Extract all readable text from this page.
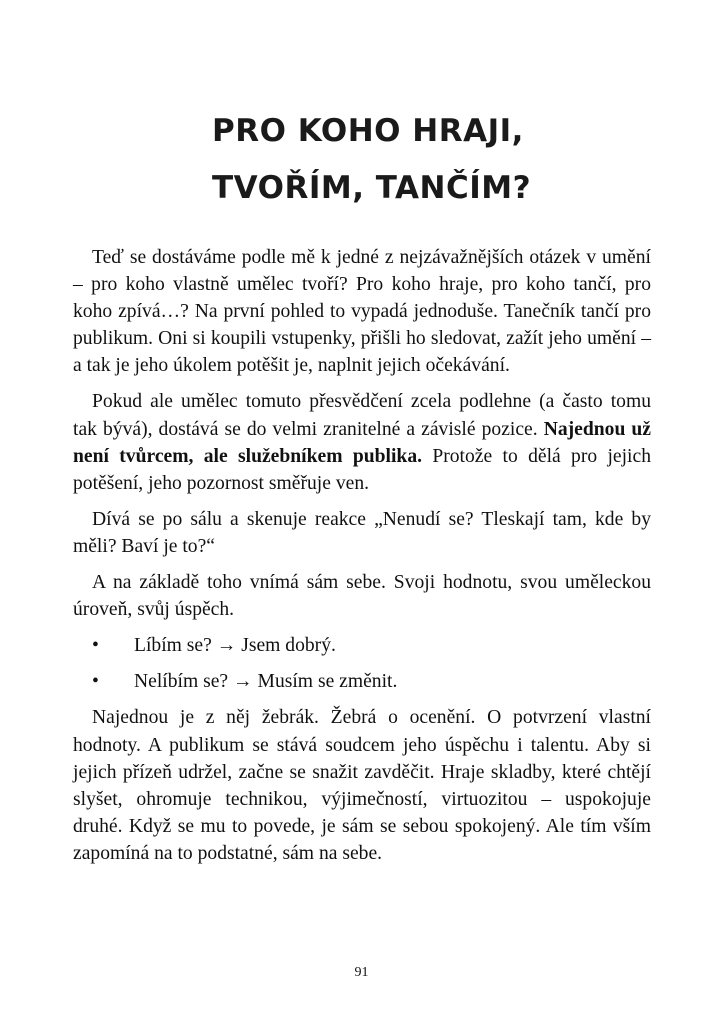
PRO KOHO HRAJI,
TVOŘÍM, TANČÍM?

Teď se dostáváme podle mě k jedné z nejzávažnějších otázek v umění – pro koho vlastně umělec tvoří? Pro koho hraje, pro koho tančí, pro koho zpívá…? Na první pohled to vypadá jednoduše. Tanečník tančí pro publikum. Oni si koupili vstupenky, přišli ho sledovat, zažít jeho umění – a tak je jeho úkolem potěšit je, naplnit jejich očekávání.

Pokud ale umělec tomuto přesvědčení zcela podlehne (a často tomu tak bývá), dostává se do velmi zranitelné a závislé pozice. Najednou už není tvůrcem, ale služebníkem publika. Protože to dělá pro jejich potěšení, jeho pozornost směřuje ven.

Dívá se po sálu a skenuje reakce „Nenudí se? Tleskají tam, kde by měli? Baví je to?“

A na základě toho vnímá sám sebe. Svoji hodnotu, svou uměleckou úroveň, svůj úspěch.

• Líbím se? → Jsem dobrý.
• Nelíbím se? → Musím se změnit.

Najednou je z něj žebrák. Žebrá o ocenění. O potvrzení vlastní hodnoty. A publikum se stává soudcem jeho úspěchu i talentu. Aby si jejich přízeň udržel, začne se snažit zavděčit. Hraje skladby, které chtějí slyšet, ohromuje technikou, výjimečností, virtuozitou – uspokojuje druhé. Když se mu to povede, je sám se sebou spokojený. Ale tím vším zapomíná na to podstatné, sám na sebe.

91
